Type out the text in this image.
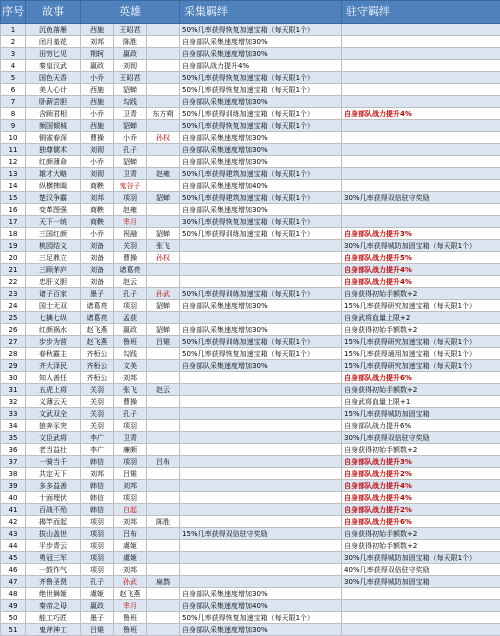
序号	故事	英雄			采集羁绊	驻守羁绊
1	沉鱼落雁	西施	王昭君		50%几率获得恢复加速宝箱（每天限1个）	
2	闭月羞花	刘邦	陈胜		自身部队采集速度增加30%	
3	田穷匕见	荆轲	嬴政		自身部队采集速度增加30%	
4	秦皇汉武	嬴政	刘彻		自身部队战力提升4%	
5	国色天香	小乔	王昭君		50%几率获得恢复加速宝箱（每天限1个）	
6	美人心计	西施	貂蝉		50%几率获得恢复加速宝箱（每天限1个）	
7	卧薪尝胆	西施	勾践		自身部队采集速度增加30%	
8	含顾君相	小乔	卫青	东方朔	50%几率获得训练加速宝箱（每天限1个）	自身部队战力提升4%
9	频国倾城	西施	貂蝉		50%几率获得恢复加速宝箱（每天限1个）	
10	铜雀春深	曹操	小乔	孙权	自身部队采集速度增加30%	
11	独尊儒术	刘彻	孔子		自身部队采集速度增加30%	
12	红颜薄命	小乔	貂蝉		自身部队采集速度增加30%	
13	雄才大略	刘彻	卫青	赵雍	50%几率获得建筑加速宝箱（每天限1个）	
14	纵横捭阖	商鞅	鬼谷子		自身部队采集速度增加40%	
15	楚汉争霸	刘邦	项羽	貂蝉	50%几率获得建筑加速宝箱（每天限1个）	30%几率获得双倍驻守奖励
16	变革图强	商鞅	赵雍		自身部队采集速度增加30%	
17	天下一统	商鞅	芈月		30%几率获得恢复加速宝箱（每天限1个）	
18	三国红颜	小乔	祝融	貂蝉	50%几率获得训练加速宝箱（每天限1个）	自身部队战力提升3%
19	桃园结义	刘备	关羽	张飞		30%几率获得城防加固宝箱（每天限1个）
20	三足鼎立	刘备	曹操	孙权		自身部队战力提升5%
21	三顾茅庐	刘备	诸葛亮			自身部队战力提升4%
22	忠肝义胆	刘备	赵云			自身部队战力提升4%
23	诸子百家	墨子	孔子	孙武	50%几率获得训练加速宝箱（每天限1个）	自身获得初始手额数+2
24	国士无双	诸葛亮	项羽	貂蝉	自身部队采集速度增加30%	15%几率获得研究加速宝箱（每天限1个）
25	七擒七纵	诸葛亮	孟获			自身武将血量上限+2
26	红颜祸水	赵飞燕	嬴政	貂蝉	自身部队采集速度增加30%	自身获得初始手额数+2
27	步步为营	赵飞燕	鲁班	吕雉	50%几率获得训练加速宝箱（每天限1个）	15%几率获得研究加速宝箱（每天限1个）
28	春秋霸主	齐桓公	勾践		50%几率获得恢复加速宝箱（每天限1个）	15%几率获得通用加速宝箱（每天限1个）
29	齐大泽民	齐桓公	文美		自身部队采集速度增加30%	15%几率获得研究加速宝箱（每天限1个）
30	知人善任	齐桓公	刘邦			自身部队战力提升6%
31	五虎上将	关羽	张飞	赵云		自身获得初始手额数+2
32	义薄云天	关羽	曹操			自身武将血量上限+1
33	文武双全	关羽	孔子			15%几率获得城防加固宝箱
34	狼奔豕突	关羽	项羽			自身部队战力提升6%
35	文臣武将	李广	卫青			30%几率获得双倍驻守奖励
36	老当益壮	李广	廉颇			自身获得初始手额数+2
37	一骑当千	韩信	项羽	吕布		自身部队战力提升3%
38	共定天下	刘邦	吕雉			自身部队战力提升2%
39	多多益善	韩信	刘邦			自身部队战力提升4%
40	十面埋伏	韩信	项羽			自身部队战力提升4%
41	百战不殆	韩信	白起			自身部队战力提升2%
42	揭竿而起	项羽	刘邦	陈胜		自身部队战力提升6%
43	拔山盖世	项羽	吕布		15%几率获得双倍驻守奖励	自身获得初始手额数+2
44	平步青云	项羽	虞姬			自身获得初始手额数+2
45	勇冠三军	项羽	虞姬			30%几率获得城防加固宝箱（每天限1个）
46	一鼓作气	项羽	刘邦			40%几率获得双倍驻守奖励
47	齐鲁圣贤	孔子	孙武	扁鹊		30%几率获得城防加固宝箱
48	绝世舞姬	虞姬	赵飞燕		自身部队采集速度增加30%	
49	秦帝之母	嬴政	芈月		自身部队采集速度增加40%	
50	能工巧匠	墨子	鲁班		50%几率获得恢复加速宝箱（每天限1个）	
51	鬼斧神工	吕雉	鲁班		自身部队采集速度增加30%	
